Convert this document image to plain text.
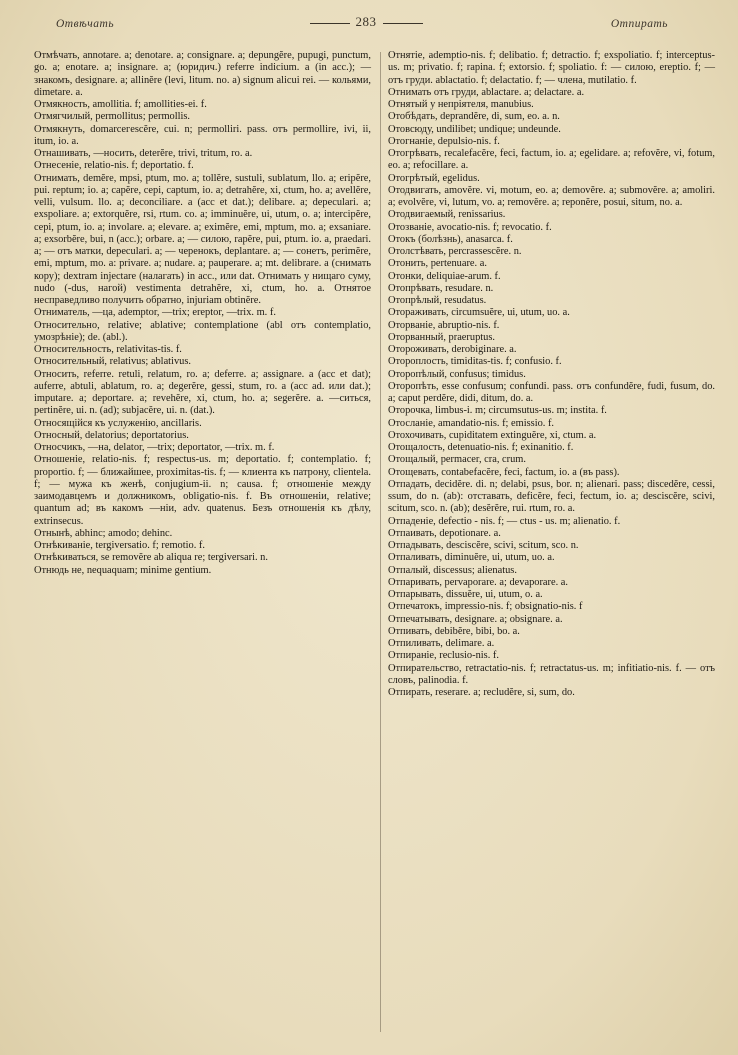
Отвѣчать	283	Отпирать
Отмѣчать, annotare. a; denotare. a; consignare. a; depungĕre, pupugi, punctum, go. a; enotare. a; insignare. a; (юридич.) referre indicium. a (in acc.); — знакомъ, designare. a; allinĕre (levi, litum. no. a) signum alicui rei. — кольями, dimetare. a.
Отмякность, amollitia. f; amollities-ei. f.
Отмягчилый, permollitus; permollis.
Отмякнуть, domarceгescĕre, cui. n; permolliri. pass. отъ permollire, ivi, ii, itum, io. a.
Отнашивать, —носить, deterĕre, trivi, tritum, ro. a.
Отнесеніе, relatio-nis. f; deportatio. f.
Отнимать, demĕre, mpsi, ptum, mo. a; tollĕre, sustuli, sublatum, llo. a; eripĕre, pui. reptum; io. a; capĕre, cepi, captum, io. a; detrahĕre, xi, ctum, ho. a; avellĕre, velli, vulsum. llo. a; deconciliare. a (acc et dat.); delibare. a; depeculari. a; exspoliare. a; extorquĕre, rsi, rtum. co. a; imminuĕre, ui, utum, o. a; intercipĕre, cepi, ptum, io. a; involare. a; elevare. a; eximĕre, emi, mptum, mo. a; exsaniare. a; exsorbĕre, bui, n (acc.); orbare. a; — силою, rapĕre, pui, ptum. io. a, praedari. a; — отъ матки, depeculari. a; — черенокъ, deplantare. a; — сонетъ, perimĕre, emi, mptum, mo. a: privare. a; nudare. a; pauperare. a; mt. delibrare. a (снимать кору); dextram injectare (налагать) in acc., или dat. Отнимать у нищаго суму, nudo (-dus, нагой) vestimenta detrahĕre, xi, ctum, ho. a. Отнятое несправедливо получить обратно, injuriam obtinĕre.
Отниматель, —ца, ademptor, —trix; ereptor, —trix. m. f.
Относительно, relative; ablative; contemplatione (abl отъ contemplatio, умозрѣніе); de. (abl.).
Относительность, relativitas-tis. f.
Относительный, relativus; ablativus.
Относить, referre. retuli, relatum, ro. a; deferre. a; assignare. a (acc et dat); auferre, abtuli, ablatum, ro. a; degerĕre, gessi, stum, ro. a (acc ad. или dat.); imputare. a; deportare. a; revehĕre, xi, ctum, ho. a; segerĕre. a. —ситься, pertinĕre, ui. n. (ad); subjacĕre, ui. n. (dat.).
Относящійся къ услуженію, ancillaris.
Относный, delatorius; deportatorius.
Относчикъ, —на, delator, —trix; deportator, —trix. m. f.
Отношеніе, relatio-nis. f; respectus-us. m; deportatio. f; contemplatio. f; proportio. f; — ближайшее, proximitas-tis. f; — клиента къ патрону, clientela. f; — мужа къ женѣ, conjugium-ii. n; causa. f; отношеніе между заимодавцемъ и должникомъ, obligatio-nis. f. Въ отношеніи, relative; quantum ad; въ какомъ —ніи, adv. quatenus. Безъ отношенія къ дѣлу, extrinsecus.
Отнынѣ, abhinc; amodo; dehinc.
Отнѣкиваніе, tergiversatio. f; remotio. f.
Отнѣкиваться, se removĕre ab aliqua re; tergiversari. n.
Отнюдь не, nequaquam; minime gentium.
Отнятіе, ademptio-nis. f; delibatio. f; detractio. f; exspoliatio. f; interceptus-us. m; privatio. f; rapina. f; extorsio. f; spoliatio. f: — силою, ereptio. f; — отъ груди. ablactatio. f; delactatio. f; — члена, mutilatio. f.
Отнимать отъ груди, ablactare. a; delactare. a.
Отнятый у непріятеля, manubius.
Отобѣдать, deprandĕre, di, sum, eo. a. n.
Отовсюду, undilibet; undique; undeunde.
Отогнаніе, depulsio-nis. f.
Отогрѣвать, recalefacĕre, feci, factum, io. a; egelidare. a; refovĕre, vi, fotum, eo. a; refocillare. a.
Отогрѣтый, egelidus.
Отодвигать, amovĕre. vi, motum, eo. a; demovĕre. a; submovĕre. a; amoliri. a; evolvĕre, vi, lutum, vo. a; removĕre. a; reponĕre, posui, situm, no. a.
Отодвигаемый, renissarius.
Отозваніе, avocatio-nis. f; revocatio. f.
Отокъ (болѣзнь), anasarca. f.
Отолстѣвать, percrassescĕre. n.
Отонить, pertenuare. a.
Отонки, deliquiae-arum. f.
Отопрѣвать, resudare. n.
Отопрѣлый, resudatus.
Отораживать, circumsuĕre, ui, utum, uo. a.
Оторваніе, abruptio-nis. f.
Оторванный, praeruptus.
Отороживать, derobiginare. a.
Отороплость, timiditas-tis. f; confusio. f.
Оторопѣлый, confusus; timidus.
Оторопѣть, esse confusum; confundi. pass. отъ confundĕre, fudi, fusum, do. a; caput perdĕre, didi, ditum, do. a.
Оторочка, limbus-i. m; circumsutus-us. m; instita. f.
Отосланіе, amandatio-nis. f; emissio. f.
Отохочивать, cupiditatem extinguĕre, xi, ctum. a.
Отощалость, detenuatio-nis. f; exinanitio. f.
Отощалый, permacer, cra, crum.
Отощевать, contabefacĕre, feci, factum, io. a (въ pass).
Отпадать, decidĕre. di. n; delabi, psus, bor. n; alienari. pass; discedĕre, cessi, ssum, do n. (ab): отставать, deficĕre, feci, fectum, io. a; descisсĕre, scivi, scitum, sco. n. (ab); desĕrĕre, rui. rtum, ro. a.
Отпаденіе, defectio - nis. f; — ctus - us. m; alienatio. f.
Отпаивать, depotionare. a.
Отпадывать, descisсĕre, scivi, scitum, sco. n.
Отпаливать, diminuĕre, ui, utum, uo. a.
Отпалый, discessus; alienatus.
Отпаривать, pervaporare. a; devaporare. a.
Отпарывать, dissuĕre, ui, utum, o. a.
Отпечатокъ, impressio-nis. f; obsignatio-nis. f
Отпечатывать, designare. a; obsignare. a.
Отпивать, debibĕre, bibi, bo. a.
Отпиливать, delimare. a.
Отпираніе, reclusio-nis. f.
Отпирательство, retractatio-nis. f; retractatus-us. m; infitiatio-nis. f. — отъ словъ, palinodia. f.
Отпирать, reserare. a; recludĕre, si, sum, do.
